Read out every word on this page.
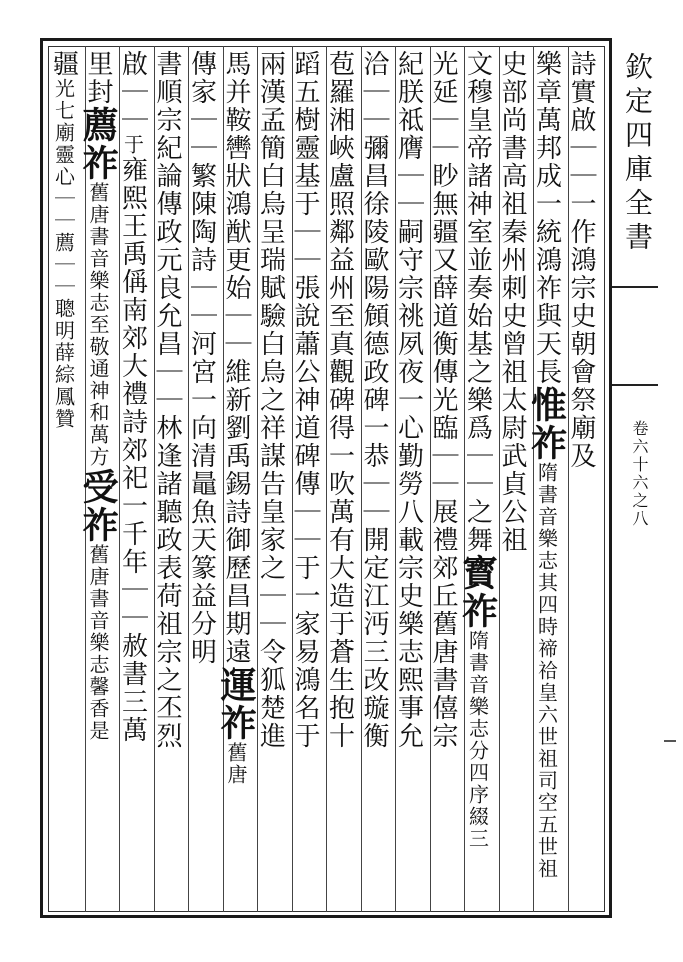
詩實啟｜｜一作鴻宗史朝會祭廟及
樂章萬邦成一統鴻祚與天長惟祚隋書音樂志其四時禘祫皇六世祖司空五世祖
史部尚書高祖秦州刺史曾祖太尉武貞公祖
文穆皇帝諸神室並奏始基之樂爲｜｜之舞寳祚隋書音樂志分四序綴三
光延｜｜眇無疆又薛道衡傳光臨｜｜展禮郊丘舊唐書僖宗
紀朕祗膺｜｜嗣守宗祧夙夜一心勤勞八載宗史樂志熙事允
洽｜｜彌昌徐陵歐陽頠德政碑一恭｜｜開定江沔三改璇衡
苞羅湘峽盧照鄰益州至真觀碑得一吹萬有大造于蒼生抱十
蹈五樹靈基于｜｜張說蕭公神道碑傳｜｜于一家易鴻名于
兩漢孟簡白烏呈瑞賦驗白烏之祥謀告皇家之｜｜令狐楚進
馬并鞍轡狀鴻猷更始｜｜維新劉禹錫詩御歷昌期遠運祚舊唐
傳家｜｜繁陳陶詩｜｜河宮一向清鼂魚天篆益分明
書順宗紀論傳政元良允昌｜｜林逢諸聽政表荷祖宗之丕烈
啟｜｜于雍熙王禹偁南郊大禮詩郊祀一千年｜｜赦書三萬
里封薦祚舊唐書音樂志至敬通神和萬方受祚舊唐書音樂志馨香是
疆光七廟靈心｜｜薦｜｜聰明薛綜鳳贊
欽定四庫全書
卷六十六之八
